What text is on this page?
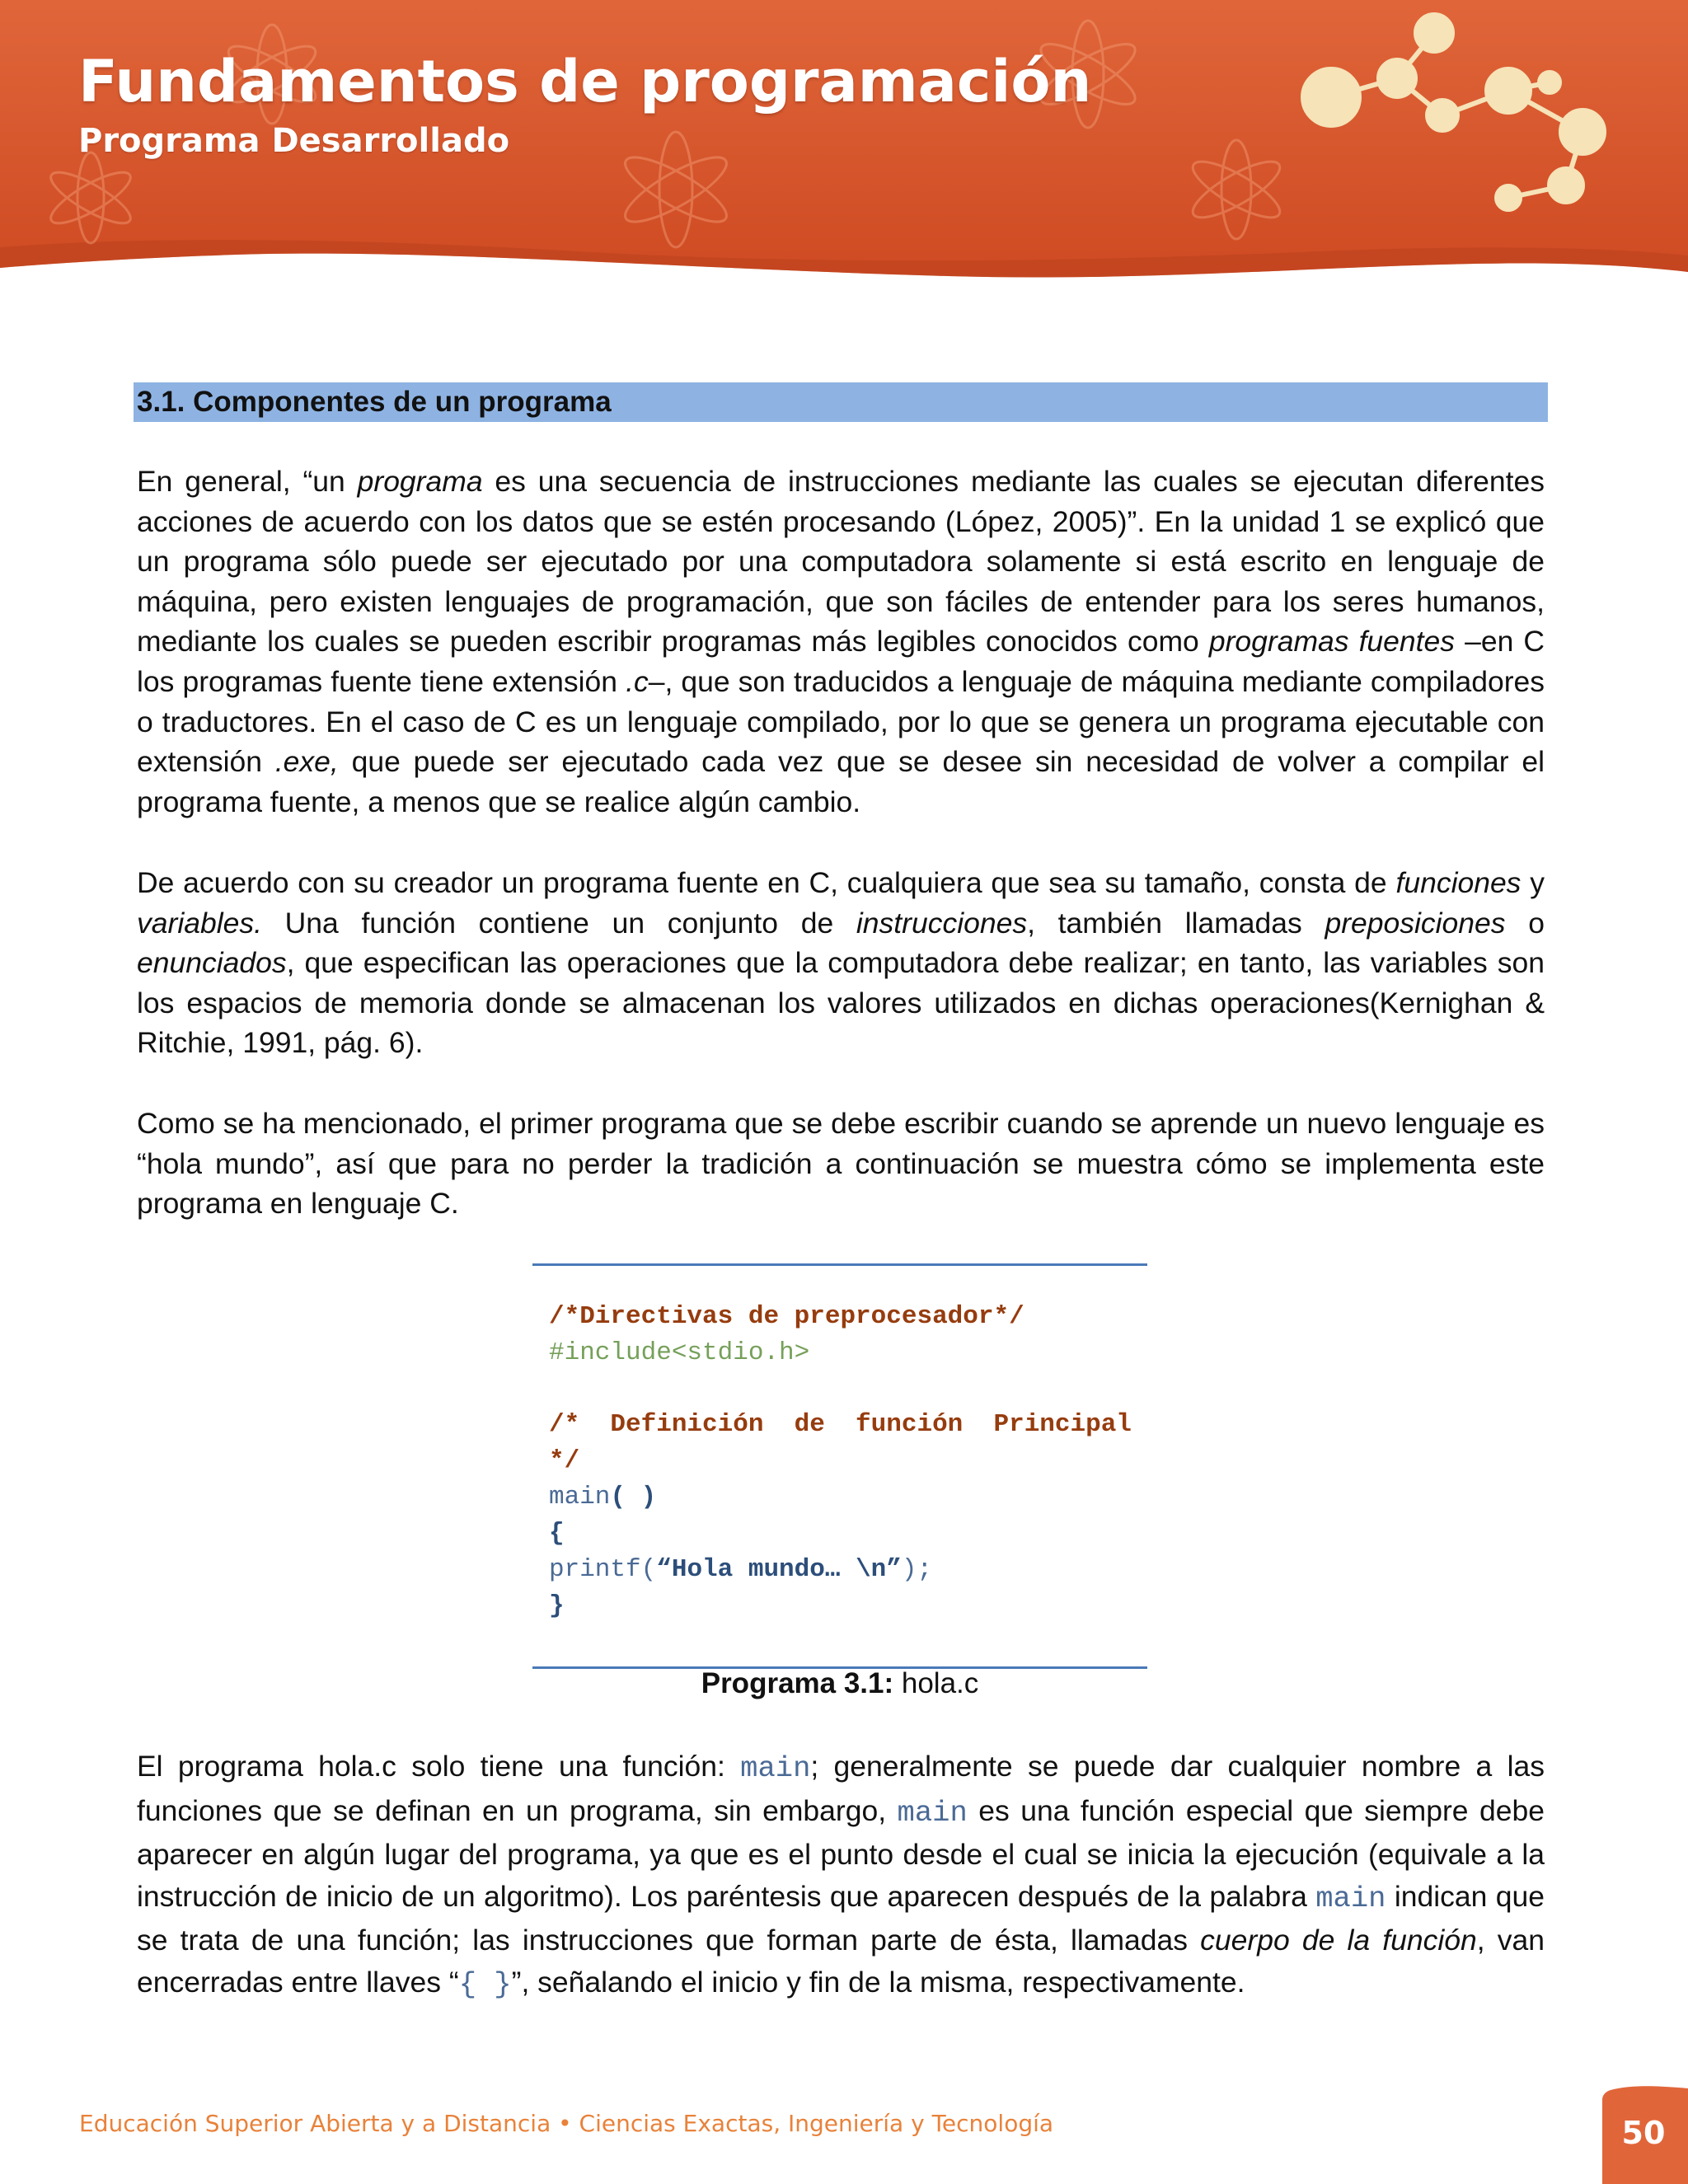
Fundamentos de programación
Programa Desarrollado
3.1. Componentes de un programa

En general, “un programa es una secuencia de instrucciones mediante las cuales se ejecutan diferentes acciones de acuerdo con los datos que se estén procesando (López, 2005)”. En la unidad 1 se explicó que un programa sólo puede ser ejecutado por una computadora solamente si está escrito en lenguaje de máquina, pero existen lenguajes de programación, que son fáciles de entender para los seres humanos, mediante los cuales se pueden escribir programas más legibles conocidos como programas fuentes –en C los programas fuente tiene extensión .c–, que son traducidos a lenguaje de máquina mediante compiladores o traductores. En el caso de C es un lenguaje compilado, por lo que se genera un programa ejecutable con extensión .exe, que puede ser ejecutado cada vez que se desee sin necesidad de volver a compilar el programa fuente, a menos que se realice algún cambio.

De acuerdo con su creador un programa fuente en C, cualquiera que sea su tamaño, consta de funciones y variables. Una función contiene un conjunto de instrucciones, también llamadas preposiciones o enunciados, que especifican las operaciones que la computadora debe realizar; en tanto, las variables son los espacios de memoria donde se almacenan los valores utilizados en dichas operaciones(Kernighan & Ritchie, 1991, pág. 6).

Como se ha mencionado, el primer programa que se debe escribir cuando se aprende un nuevo lenguaje es “hola mundo”, así que para no perder la tradición a continuación se muestra cómo se implementa este programa en lenguaje C.

/*Directivas de preprocesador*/
#include<stdio.h>
/*  Definición  de  función  Principal
*/
main( )
{
printf(“Hola mundo… \n”);
}
Programa 3.1: hola.c

El programa hola.c solo tiene una función: main; generalmente se puede dar cualquier nombre a las funciones que se definan en un programa, sin embargo, main es una función especial que siempre debe aparecer en algún lugar del programa, ya que es el punto desde el cual se inicia la ejecución (equivale a la instrucción de inicio de un algoritmo). Los paréntesis que aparecen después de la palabra main indican que se trata de una función; las instrucciones que forman parte de ésta, llamadas cuerpo de la función, van encerradas entre llaves “{ }”, señalando el inicio y fin de la misma, respectivamente.

Educación Superior Abierta y a Distancia • Ciencias Exactas, Ingeniería y Tecnología	50
